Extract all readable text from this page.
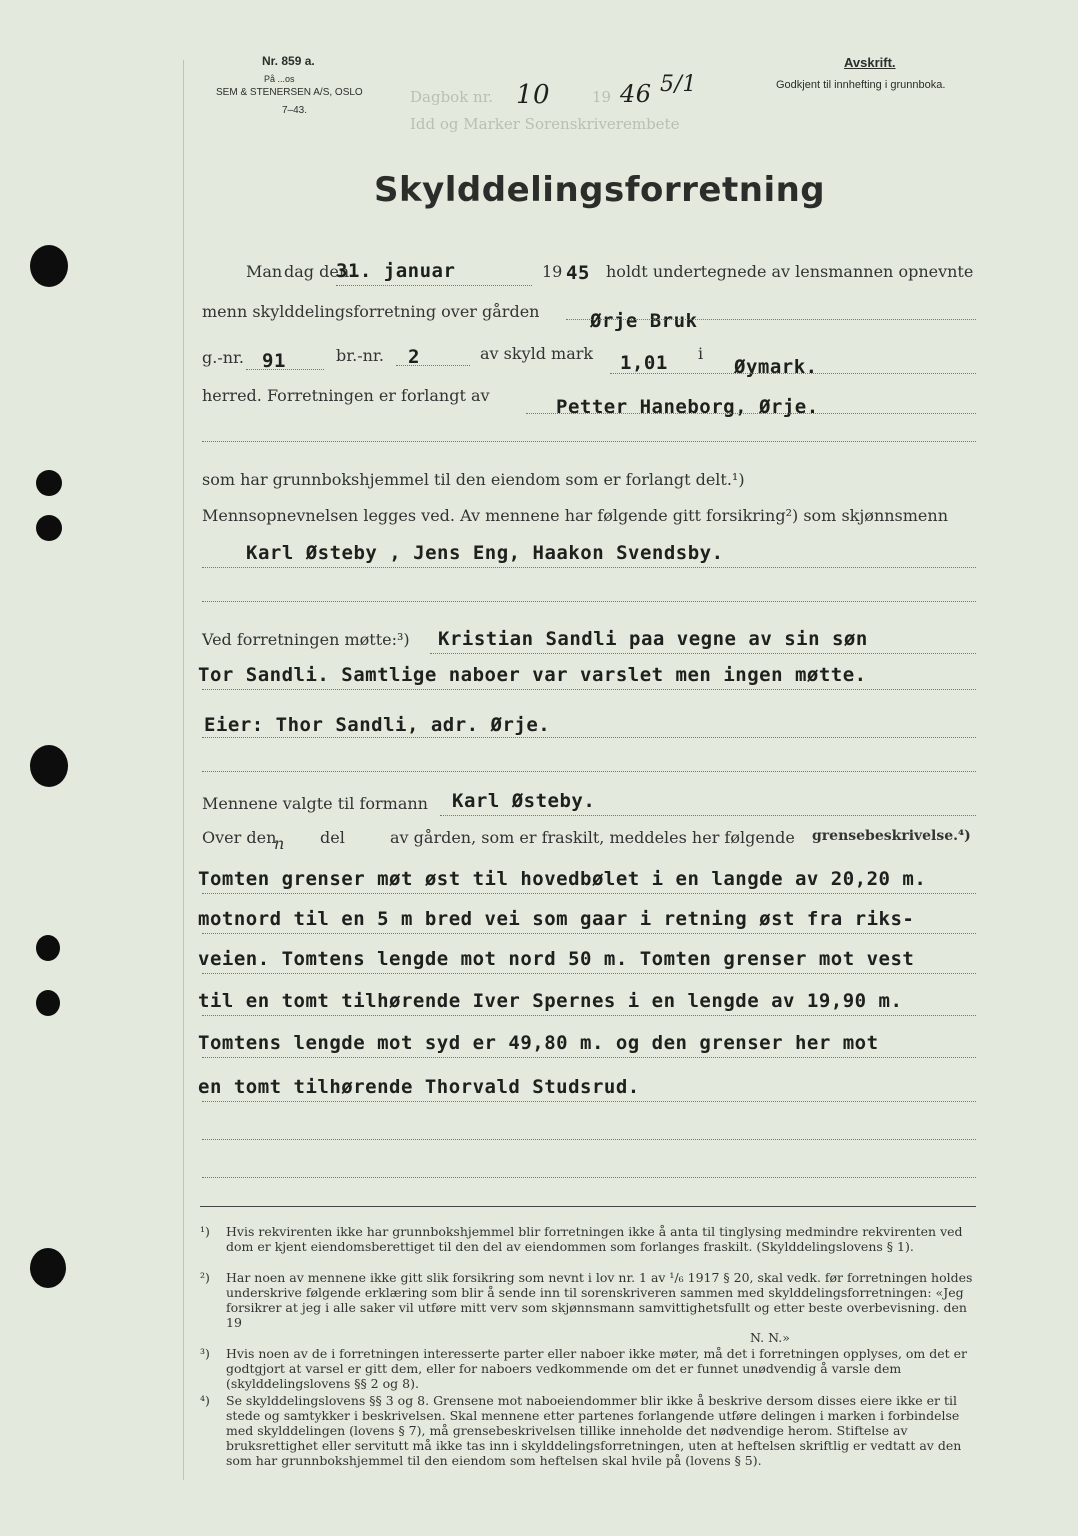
Nr. 859 a.
På ...os
SEM & STENERSEN A/S, OSLO
7–43.
Dagbok nr. 10	19 46 5/1
Idd og Marker Sorenskriverembete
Avskrift.
Godkjent til innhefting i grunnboka.
Skylddelingsforretning
Man dag den
31. januar	19 45 holdt undertegnede av lensmannen opnevnte
menn skylddelingsforretning over gården	Ørje Bruk
g.-nr. 91	br.-nr. 2	av skyld mark 1,01 i
Øymark.
herred. Forretningen er forlangt av
Petter Haneborg, Ørje.
som har grunnbokshjemmel til den eiendom som er forlangt delt.¹)
Mennsopnevnelsen legges ved. Av mennene har følgende gitt forsikring²) som skjønnsmenn
Karl Østeby , Jens Eng, Haakon Svendsby.
Ved forretningen møtte:³) Kristian Sandli paa vegne av sin søn
Tor Sandli. Samtlige naboer var varslet men ingen møtte.
Eier: Thor Sandli, adr. Ørje.
Mennene valgte til formann Karl Østeby.
Over den
n del	av gården, som er fraskilt, meddeles her følgende grensebeskrivelse.⁴)
Tomten grenser møt øst til hovedbølet i en langde av 20,20 m.
motnord til en 5 m bred vei som gaar i retning øst fra riks-
veien. Tomtens lengde mot nord 50 m. Tomten grenser mot vest
til en tomt tilhørende Iver Spernes i en lengde av 19,90 m.
Tomtens lengde mot syd er 49,80 m. og den grenser her mot
en tomt tilhørende Thorvald Studsrud.
¹) Hvis rekvirenten ikke har grunnbokshjemmel blir forretningen ikke å anta til tinglysing medmindre rekvirenten ved dom er kjent eiendomsberettiget til den del av eiendommen som forlanges fraskilt. (Skylddelingslovens § 1).
²) Har noen av mennene ikke gitt slik forsikring som nevnt i lov nr. 1 av ¹/₆ 1917 § 20, skal vedk. før forretningen holdes underskrive følgende erklæring som blir å sende inn til sorenskriveren sammen med skylddelingsforretningen: «Jeg forsikrer at jeg i alle saker vil utføre mitt verv som skjønnsmann samvittighetsfullt og etter beste overbevisning. den 19
N. N.»
³) Hvis noen av de i forretningen interesserte parter eller naboer ikke møter, må det i forretningen opplyses, om det er godtgjort at varsel er gitt dem, eller for naboers vedkommende om det er funnet unødvendig å varsle dem (skylddelingslovens §§ 2 og 8).
⁴) Se skylddelingslovens §§ 3 og 8. Grensene mot naboeiendommer blir ikke å beskrive dersom disses eiere ikke er til stede og samtykker i beskrivelsen. Skal mennene etter partenes forlangende utføre delingen i marken i forbindelse med skylddelingen (lovens § 7), må grensebeskrivelsen tillike inneholde det nødvendige herom. Stiftelse av bruksrettighet eller servitutt må ikke tas inn i skylddelingsforretningen, uten at heftelsen skriftlig er vedtatt av den som har grunnbokshjemmel til den eiendom som heftelsen skal hvile på (lovens § 5).
